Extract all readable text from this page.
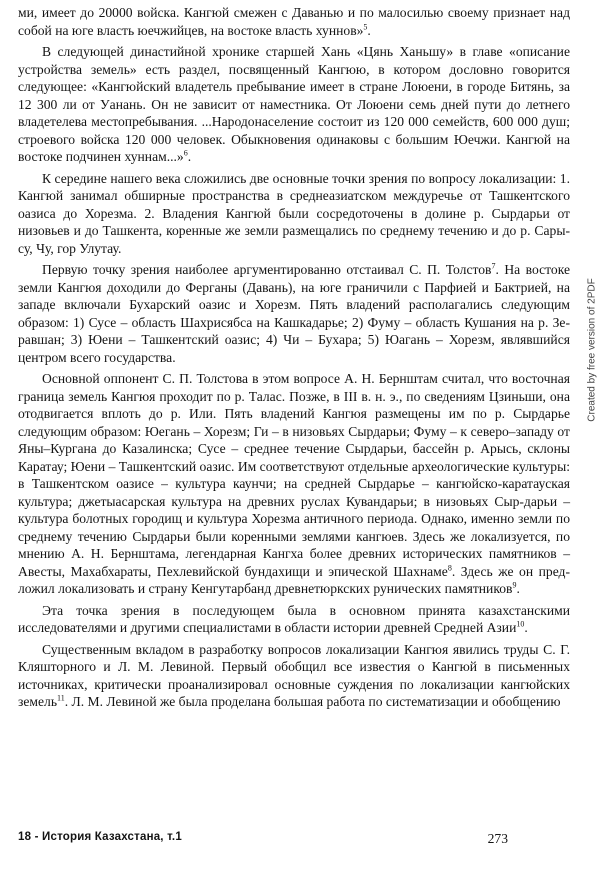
ми, имеет до 20000 войска. Кангюй смежен с Даванью и по малосилью своему признает над собой на юге власть юечжийцев, на востоке власть хуннов»$^5$.

В следующей династийной хронике старшей Хань «Цянь Ханьшу» в главе «описание устройства земель» есть раздел, посвященный Кангюю, в котором дословно говорится следующее: «Кангюйский владетель пребывание имеет в стране Лоюени, в городе Битянь, за 12 300 ли от Уанань. Он не зависит от наместника. От Лоюени семь дней пути до летнего владетелева местопребывания. ...Народонаселение состоит из 120 000 семейств, 600 000 душ; строевого войска 120 000 человек. Обыкновения одинаковы с большим Юечжи. Кангюй на востоке подчинен хуннам...»$^6$.

К середине нашего века сложились две основные точки зрения по вопросу локализации: 1. Кангюй занимал обширные пространства в среднеазиатском междуречье от Ташкентского оазиса до Хорезма. 2. Владения Кангюй были сосредоточены в долине р. Сырдарьи от низовьев и до Ташкента, коренные же земли размещались по среднему течению и до р. Сарысу, Чу, гор Улутау.

Первую точку зрения наиболее аргументированно отстаивал С. П. Толстов$^7$. На востоке земли Кангюя доходили до Ферганы (Давань), на юге граничили с Парфией и Бактрией, на западе включали Бухарский оазис и Хорезм. Пять владений располагались следующим образом: 1) Сусе – область Шахрисябса на Кашкадарье; 2) Фуму – область Кушания на р. Зеравшан; 3) Юени – Ташкентский оазис; 4) Чи – Бухара; 5) Юагань – Хорезм, являвшийся центром всего государства.

Основной оппонент С. П. Толстова в этом вопросе А. Н. Бернштам считал, что восточная граница земель Кангюя проходит по р. Талас. Позже, в III в. н. э., по сведениям Цзиньши, она отодвигается вплоть до р. Или. Пять владений Кангюя размещены им по р. Сырдарье следующим образом: Юегань – Хорезм; Ги – в низовьях Сырдарьи; Фуму – к северо–западу от Яны–Кургана до Казалинска; Сусе – среднее течение Сырдарьи, бассейн р. Арысь, склоны Каратау; Юени – Ташкентский оазис. Им соответствуют отдельные археологические культуры: в Ташкентском оазисе – культура каунчи; на средней Сырдарье – кангюйско-каратауская культура; джетыасарская культура на древних руслах Кувандарьи; в низовьях Сыр-дарьи – культура болотных городищ и культура Хорезма античного периода. Однако, именно земли по среднему течению Сырдарьи были коренными землями кангюев. Здесь же локализуется, по мнению А. Н. Бернштама, легендарная Кангха более древних исторических памятников – Авесты, Махабхараты, Пехлевийской бундахищи и эпической Шахнаме$^8$. Здесь же он предложил локализовать и страну Кенгутарбанд древнетюркских рунических памятников$^9$.

Эта точка зрения в последующем была в основном принята казахстанскими исследователями и другими специалистами в области истории древней Средней Азии$^{10}$.

Существенным вкладом в разработку вопросов локализации Кангюя явились труды С. Г. Кляшторного и Л. М. Левиной. Первый обобщил все известия о Кангюй в письменных источниках, критически проанализировал основные суждения по локализации кангюйских земель$^{11}$. Л. М. Левиной же была проделана большая работа по систематизации и обобщению

18 - История Казахстана, т.1	273
Created by free version of 2PDF
